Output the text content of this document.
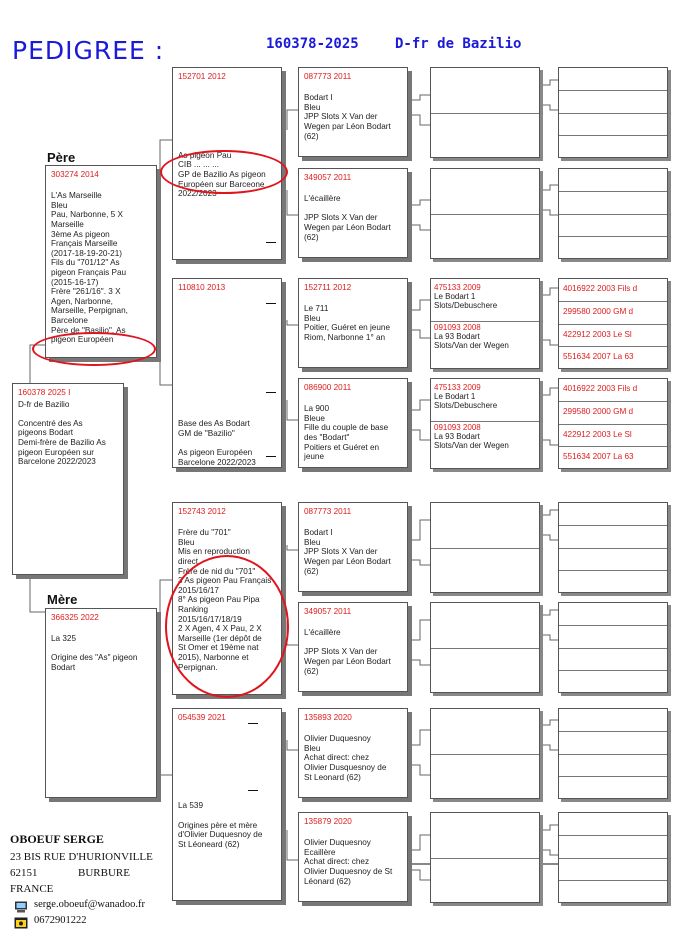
PEDIGREE :	160378-2025	D-fr de Bazilio
Père
Mère
160378 2025 I
D-fr de Bazilio

Concentré des As
pigeons Bodart
Demi-frère de Bazilio As
pigeon Européen sur
Barcelone 2022/2023
303274 2014

L'As Marseille
Bleu
Pau, Narbonne, 5 X
Marseille
3ème As pigeon
Français Marseille
(2017-18-19-20-21)
Fils du "701/12" As
pigeon Français Pau
(2015-16-17)
Frère "261/16". 3 X
Agen, Narbonne,
Marseille, Perpignan,
Barcelone
Père de "Basilio". As
pigeon Européen
366325 2022

La 325

Origine des "As" pigeon
Bodart
152701 2012

As pigeon Pau
CIB ... ... ...
GP de Bazilio As pigeon
Européen sur Barceone
2022/2023
110810 2013

Base des As Bodart
GM de "Bazilio"

As pigeon Européen
Barcelone 2022/2023
152743 2012

Frère du "701"
Bleu
Mis en reproduction
direct
Frère de nid du "701"
3 As pigeon Pau Français
2015/16/17
8° As pigeon Pau Pipa
Ranking
2015/16/17/18/19
2 X Agen, 4 X Pau, 2 X
Marseille (1er dépôt de
St Omer et 19ème nat
2015), Narbonne et
Perpignan.
054539 2021

La 539

Origines père et mère
d'Olivier Duquesnoy de
St Léoneard (62)
087773 2011

Bodart I
Bleu
JPP Slots X Van der
Wegen par Léon Bodart
(62)
349057 2011

L'écaillère

JPP Slots X Van der
Wegen par Léon Bodart
(62)
152711 2012

Le 711
Bleu
Poitier, Guéret en jeune
Riom, Narbonne 1° an
086900 2011

La 900
Bleue
Fille du couple de base
des "Bodart"
Poitiers et Guéret en
jeune
087773 2011

Bodart I
Bleu
JPP Slots X Van der
Wegen par Léon Bodart
(62)
349057 2011

L'écaillère

JPP Slots X Van der
Wegen par Léon Bodart
(62)
135893 2020

Olivier Duquesnoy
Bleu
Achat direct: chez
Olivier Dusquesnoy de
St Leonard (62)
135879 2020

Olivier Duquesnoy
Ecaillère
Achat direct: chez
Olivier Duquesnoy de St
Léonard (62)
475133 2009
Le Bodart 1
Slots/Debuschere
091093 2008
La 93 Bodart
Slots/Van der Wegen
475133 2009
Le Bodart 1
Slots/Debuschere
091093 2008
La 93 Bodart
Slots/Van der Wegen
4016922 2003 Fils d
299580 2000 GM d
422912 2003 Le Sl
551634 2007 La 63
4016922 2003 Fils d
299580 2000 GM d
422912 2003 Le Sl
551634 2007 La 63
OBOEUF SERGE
23 BIS RUE D'HURIONVILLE
62151	BURBURE
FRANCE
serge.oboeuf@wanadoo.fr
0672901222
